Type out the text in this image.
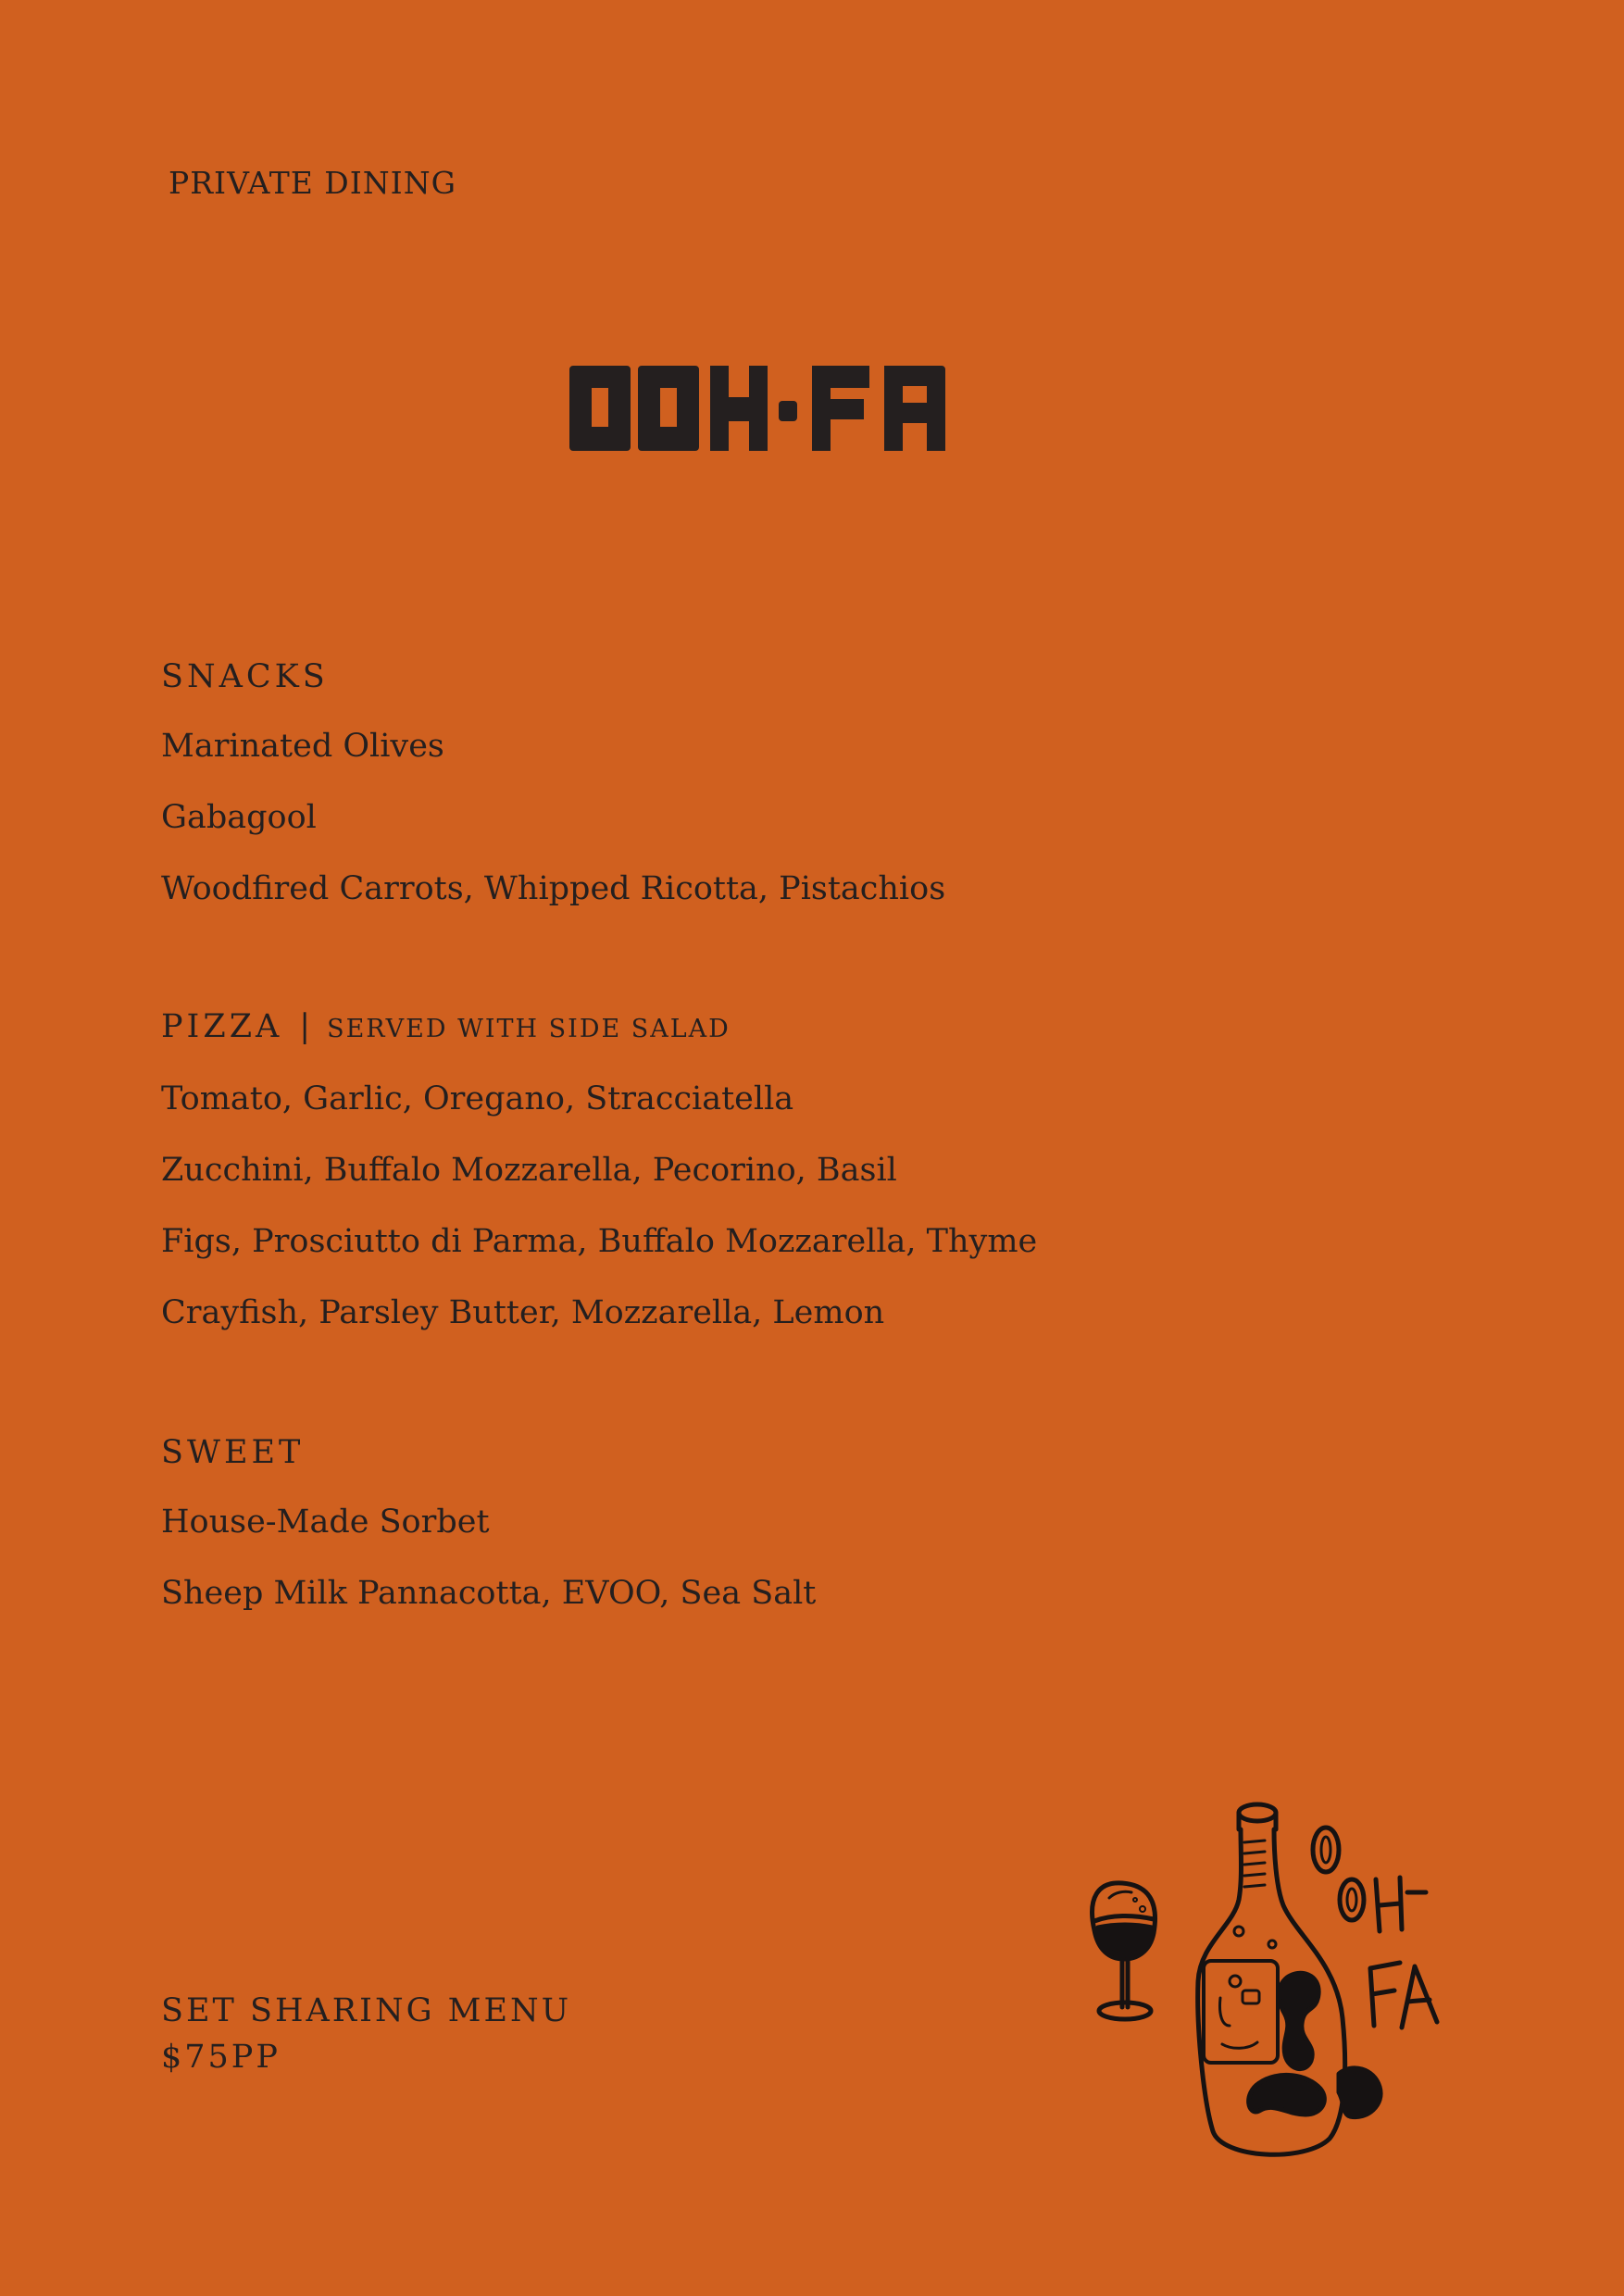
PRIVATE DINING
SNACKS
Marinated Olives
Gabagool
Woodfired Carrots, Whipped Ricotta, Pistachios
PIZZA | SERVED WITH SIDE SALAD
Tomato, Garlic, Oregano, Stracciatella
Zucchini, Buffalo Mozzarella, Pecorino, Basil
Figs, Prosciutto di Parma, Buffalo Mozzarella, Thyme
Crayfish, Parsley Butter, Mozzarella, Lemon
SWEET
House-Made Sorbet
Sheep Milk Pannacotta, EVOO, Sea Salt
SET SHARING MENU
$75PP
